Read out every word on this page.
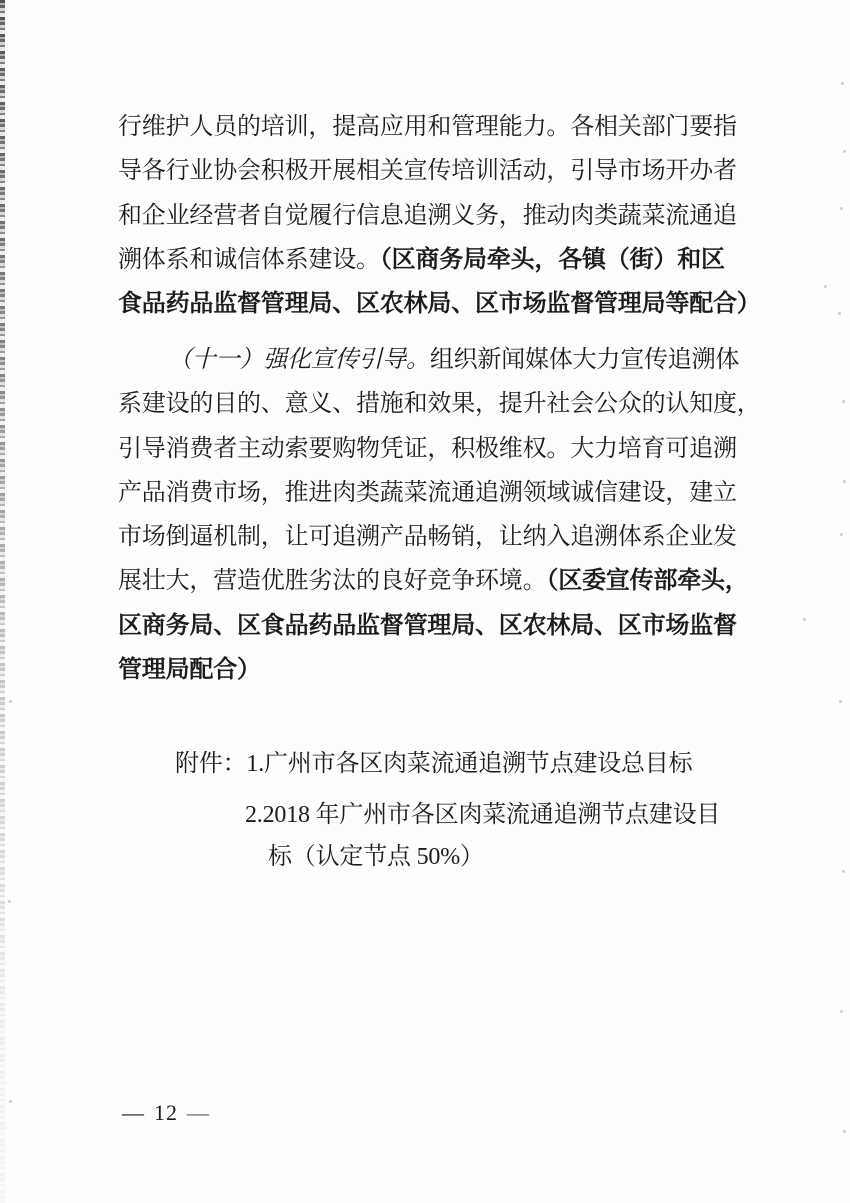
行维护人员的培训，提高应用和管理能力。各相关部门要指
导各行业协会积极开展相关宣传培训活动，引导市场开办者
和企业经营者自觉履行信息追溯义务，推动肉类蔬菜流通追
溯体系和诚信体系建设。（区商务局牵头，各镇（街）和区
食品药品监督管理局、区农林局、区市场监督管理局等配合）
（十一）强化宣传引导。组织新闻媒体大力宣传追溯体
系建设的目的、意义、措施和效果，提升社会公众的认知度，
引导消费者主动索要购物凭证，积极维权。大力培育可追溯
产品消费市场，推进肉类蔬菜流通追溯领域诚信建设，建立
市场倒逼机制，让可追溯产品畅销，让纳入追溯体系企业发
展壮大，营造优胜劣汰的良好竞争环境。（区委宣传部牵头，
区商务局、区食品药品监督管理局、区农林局、区市场监督
管理局配合）
附件：1.广州市各区肉菜流通追溯节点建设总目标
2.2018 年广州市各区肉菜流通追溯节点建设目
标（认定节点 50%）
— 12 —
